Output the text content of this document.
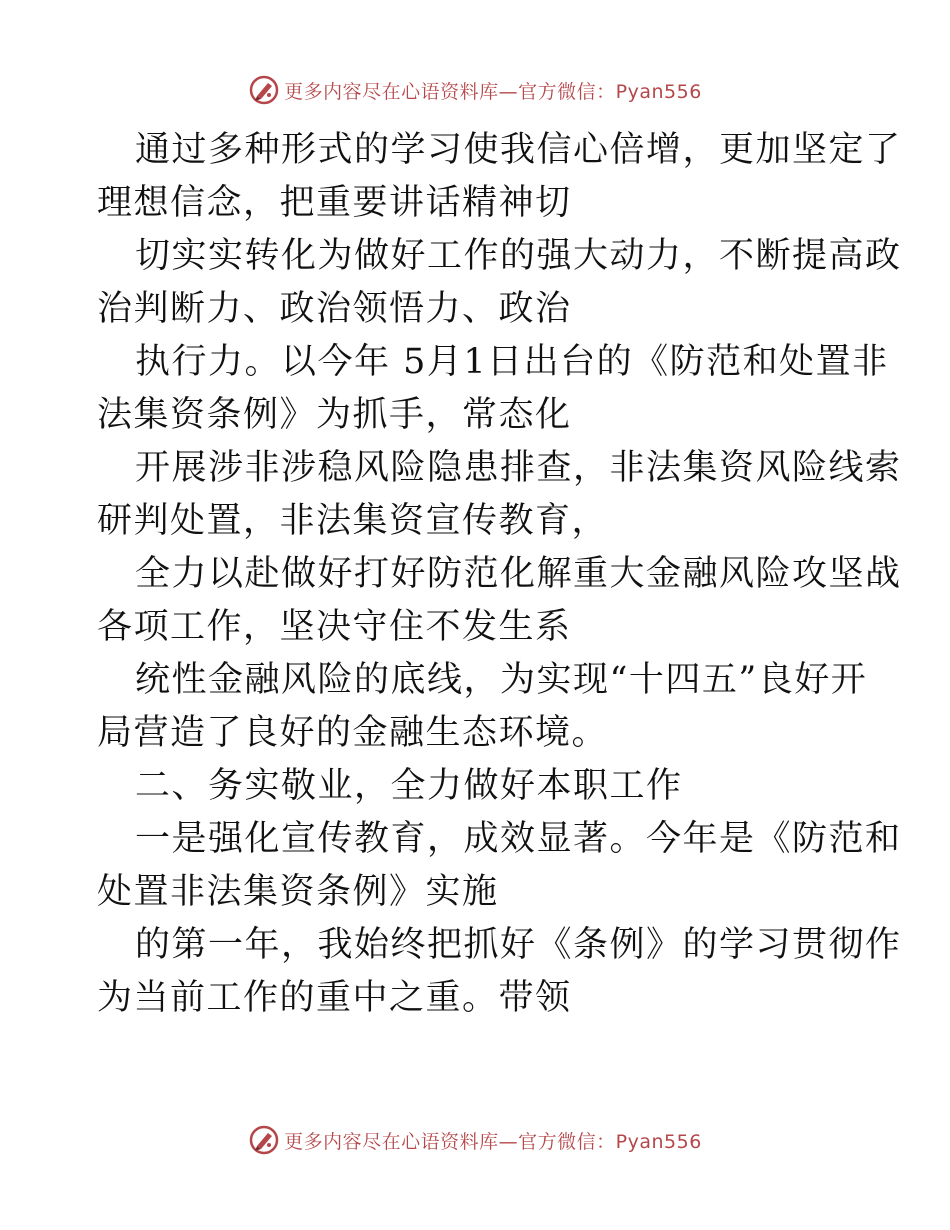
更多内容尽在心语资料库—官方微信：Pyan556

通过多种形式的学习使我信心倍增，更加坚定了
理想信念，把重要讲话精神切

切实实转化为做好工作的强大动力，不断提高政
治判断力、政治领悟力、政治

执行力。以今年 5月1日出台的《防范和处置非
法集资条例》为抓手，常态化

开展涉非涉稳风险隐患排查，非法集资风险线索
研判处置，非法集资宣传教育，

全力以赴做好打好防范化解重大金融风险攻坚战
各项工作，坚决守住不发生系

统性金融风险的底线，为实现“十四五”良好开
局营造了良好的金融生态环境。

二、务实敬业，全力做好本职工作

一是强化宣传教育，成效显著。今年是《防范和
处置非法集资条例》实施

的第一年，我始终把抓好《条例》的学习贯彻作
为当前工作的重中之重。带领

更多内容尽在心语资料库—官方微信：Pyan556
